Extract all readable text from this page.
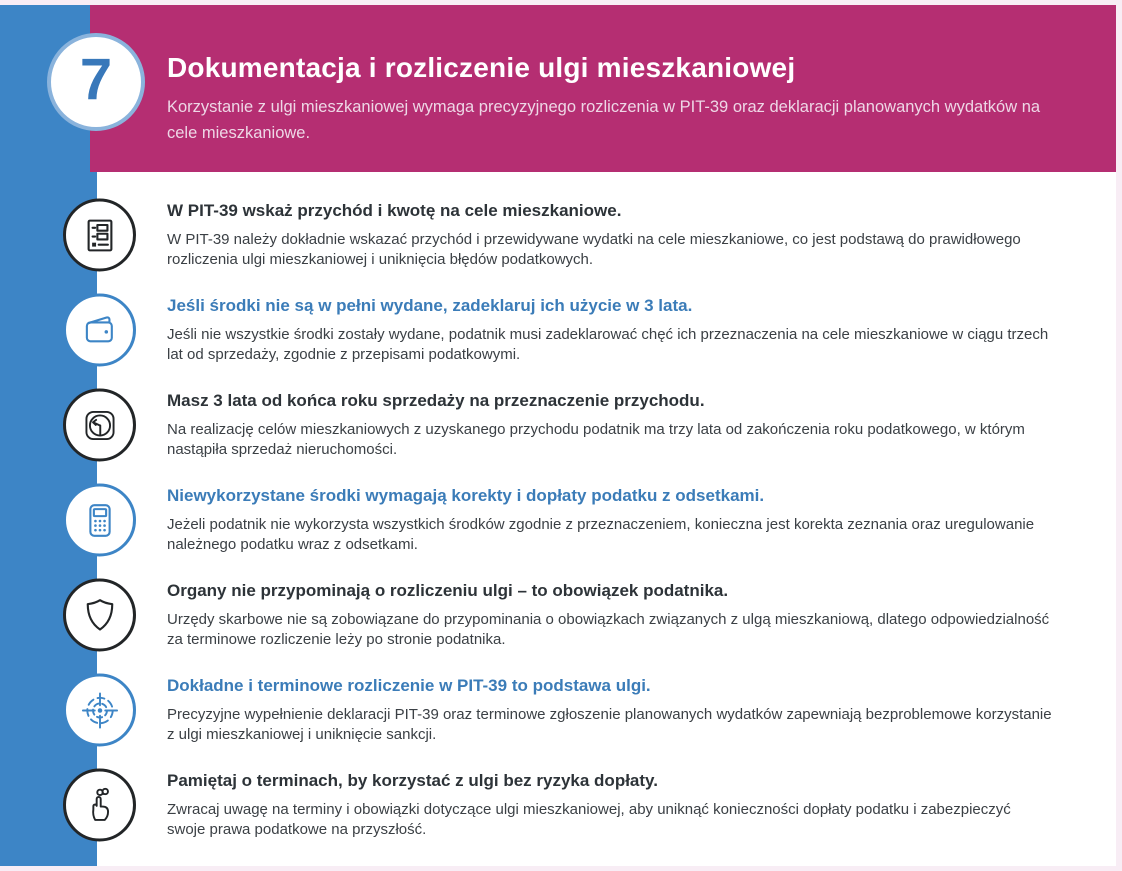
Dokumentacja i rozliczenie ulgi mieszkaniowej

Korzystanie z ulgi mieszkaniowej wymaga precyzyjnego rozliczenia w PIT-39 oraz deklaracji planowanych wydatków na cele mieszkaniowe.

7
W PIT-39 wskaż przychód i kwotę na cele mieszkaniowe.

W PIT-39 należy dokładnie wskazać przychód i przewidywane wydatki na cele mieszkaniowe, co jest podstawą do prawidłowego rozliczenia ulgi mieszkaniowej i uniknięcia błędów podatkowych.

Jeśli środki nie są w pełni wydane, zadeklaruj ich użycie w 3 lata.

Jeśli nie wszystkie środki zostały wydane, podatnik musi zadeklarować chęć ich przeznaczenia na cele mieszkaniowe w ciągu trzech lat od sprzedaży, zgodnie z przepisami podatkowymi.

Masz 3 lata od końca roku sprzedaży na przeznaczenie przychodu.

Na realizację celów mieszkaniowych z uzyskanego przychodu podatnik ma trzy lata od zakończenia roku podatkowego, w którym nastąpiła sprzedaż nieruchomości.

Niewykorzystane środki wymagają korekty i dopłaty podatku z odsetkami.

Jeżeli podatnik nie wykorzysta wszystkich środków zgodnie z przeznaczeniem, konieczna jest korekta zeznania oraz uregulowanie należnego podatku wraz z odsetkami.

Organy nie przypominają o rozliczeniu ulgi – to obowiązek podatnika.

Urzędy skarbowe nie są zobowiązane do przypominania o obowiązkach związanych z ulgą mieszkaniową, dlatego odpowiedzialność za terminowe rozliczenie leży po stronie podatnika.

Dokładne i terminowe rozliczenie w PIT-39 to podstawa ulgi.

Precyzyjne wypełnienie deklaracji PIT-39 oraz terminowe zgłoszenie planowanych wydatków zapewniają bezproblemowe korzystanie z ulgi mieszkaniowej i uniknięcie sankcji.

Pamiętaj o terminach, by korzystać z ulgi bez ryzyka dopłaty.

Zwracaj uwagę na terminy i obowiązki dotyczące ulgi mieszkaniowej, aby uniknąć konieczności dopłaty podatku i zabezpieczyć swoje prawa podatkowe na przyszłość.
